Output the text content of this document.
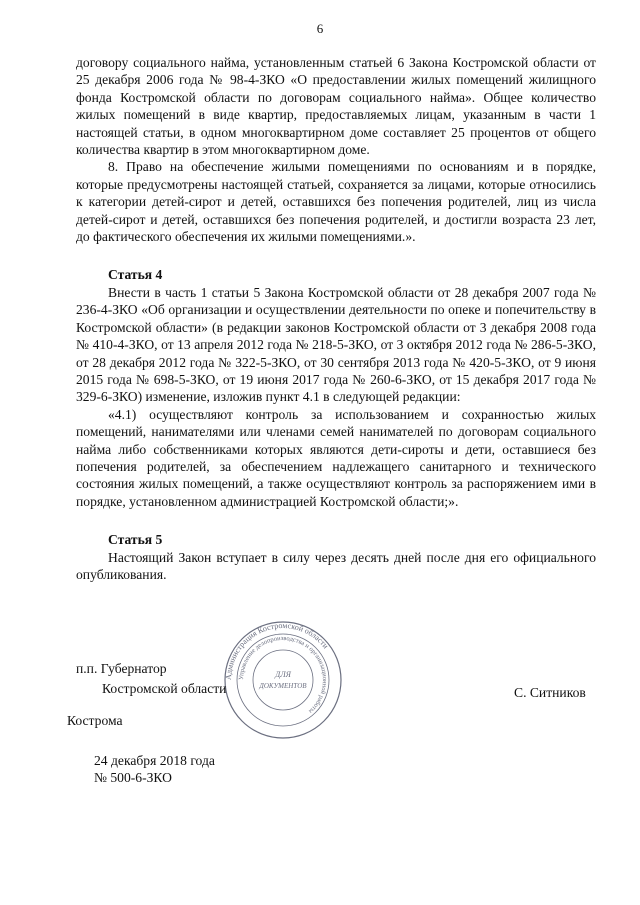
6

договору социального найма, установленным статьей 6 Закона Костромской области от 25 декабря 2006 года № 98-4-ЗКО «О предоставлении жилых помещений жилищного фонда Костромской области по договорам социального найма». Общее количество жилых помещений в виде квартир, предоставляемых лицам, указанным в части 1 настоящей статьи, в одном многоквартирном доме составляет 25 процентов от общего количества квартир в этом многоквартирном доме.

8. Право на обеспечение жилыми помещениями по основаниям и в порядке, которые предусмотрены настоящей статьей, сохраняется за лицами, которые относились к категории детей-сирот и детей, оставшихся без попечения родителей, лиц из числа детей-сирот и детей, оставшихся без попечения родителей, и достигли возраста 23 лет, до фактического обеспечения их жилыми помещениями.».

Статья 4

Внести в часть 1 статьи 5 Закона Костромской области от 28 декабря 2007 года № 236-4-ЗКО «Об организации и осуществлении деятельности по опеке и попечительству в Костромской области» (в редакции законов Костромской области от 3 декабря 2008 года № 410-4-ЗКО, от 13 апреля 2012 года № 218-5-ЗКО, от 3 октября 2012 года № 286-5-ЗКО, от 28 декабря 2012 года № 322-5-ЗКО, от 30 сентября 2013 года № 420-5-ЗКО, от 9 июня 2015 года № 698-5-ЗКО, от 19 июня 2017 года № 260-6-ЗКО, от 15 декабря 2017 года № 329-6-ЗКО) изменение, изложив пункт 4.1 в следующей редакции:

«4.1) осуществляют контроль за использованием и сохранностью жилых помещений, нанимателями или членами семей нанимателей по договорам социального найма либо собственниками которых являются дети-сироты и дети, оставшиеся без попечения родителей, за обеспечением надлежащего санитарного и технического состояния жилых помещений, а также осуществляют контроль за распоряжением ими в порядке, установленном администрацией Костромской области;».

Статья 5

Настоящий Закон вступает в силу через десять дней после дня его официального опубликования.

Администрация Костромской области
Управление делопроизводства и организационной работы
ДЛЯ
ДОКУМЕНТОВ
п.п. Губернатор
Костромской области	С. Ситников
Кострома
24 декабря 2018 года
№ 500-6-ЗКО
